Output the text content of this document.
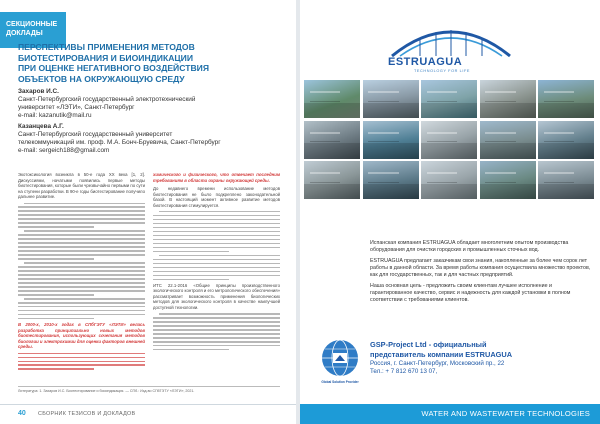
СЕКЦИОННЫЕ ДОКЛАДЫ
ПЕРСПЕКТИВЫ ПРИМЕНЕНИЯ МЕТОДОВ
БИОТЕСТИРОВАНИЯ И БИОИНДИКАЦИИ
ПРИ ОЦЕНКЕ НЕГАТИВНОГО ВОЗДЕЙСТВИЯ
ОБЪЕКТОВ НА ОКРУЖАЮЩУЮ СРЕДУ
Захаров И.С.
Санкт-Петербургский государственный электротехнический
университет «ЛЭТИ», Санкт-Петербург
e-mail: kazanutik@mail.ru
Казанцева А.Г.
Санкт-Петербургский государственный университет
телекоммуникаций им. проф. М.А. Бонч-Бруевича, Санкт-Петербург
e-mail: sergeich188@gmail.com

Экотоксикология возникла в 50-е года XX века [1, 2]. Дискуссиями, начатыми появились первые методы биотестирования, которые были чрезвычайно первыми по сути на ступени разработки. В 90-е годы биотестирование получило дальнее развитие.

В 2000-х, 2010-х годах в СПбГЭТУ «ЛЭТИ» велась разработка принципиально новых методов биотестирования, использующих сочетания методов биологии и электрохимии для оценки факторов внешней среды.

химического и физического, что отвечает последним требованиям в области охраны окружающей среды.

До недавнего времени использование методов биотестирования не было подкреплено законодательной базой. В настоящий момент активное развитие методов биотестирования стимулируется.

ИТС 22.1-2016 «Общие принципы производственного экологического контроля и его метрологического обеспечения» рассматривает возможность применения биологических методов для экологического контроля в качестве наилучшей доступной технологии.

Литература: 1. Захаров И.С. Биотестирование и биоиндикация. — СПб.: Изд-во СПбГЭТУ «ЛЭТИ», 2021.
40 СБОРНИК ТЕЗИСОВ И ДОКЛАДОВ
ESTRUAGUA
TECHNOLOGY FOR LIFE

Испанская компания ESTRUAGUA обладает многолетним опытом производства оборудования для очистки городских и промышленных сточных вод.

ESTRUAGUA предлагает заказчикам свои знания, накопленные за более чем сорок лет работы в данной области. За время работы компания осуществила множество проектов, как для государственных, так и для частных предприятий.

Наша основная цель - предложить своим клиентам лучшее исполнение и гарантированное качество, сервис и надежность для каждой установки в полном соответствии с требованиями клиентов.

Global Solution Provider
GSP-Project Ltd - официальный
представитель компании ESTRUAGUA
Россия, г. Санкт-Петербург, Московский пр., 22
Тел.: + 7 812 670 13 07,
WATER AND WASTEWATER TECHNOLOGIES
